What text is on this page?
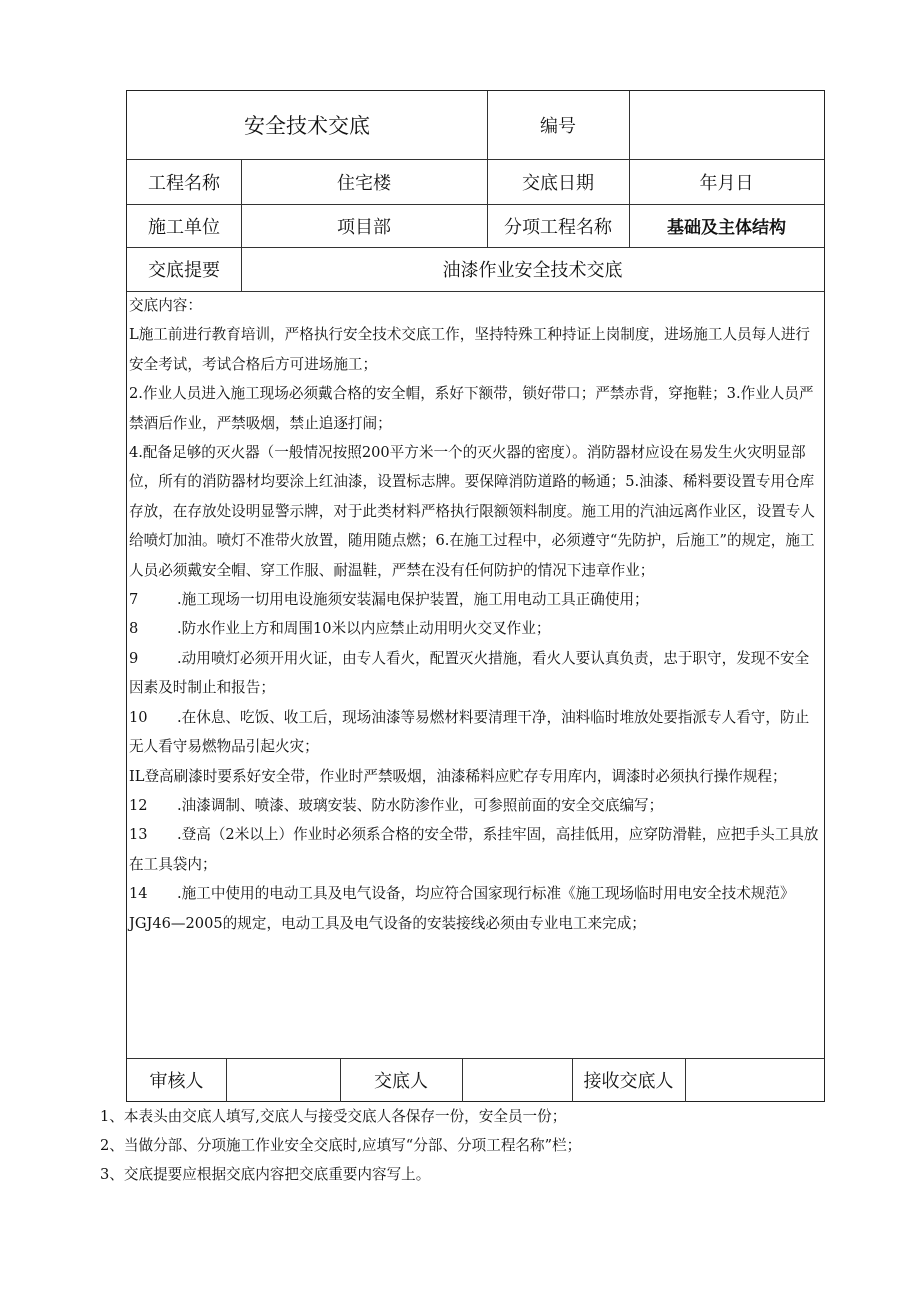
安全技术交底	编号
工程名称	住宅楼	交底日期	年月日
施工单位	项目部	分项工程名称	基础及主体结构
交底提要	油漆作业安全技术交底

交底内容：

L施工前进行教育培训，严格执行安全技术交底工作，坚持特殊工种持证上岗制度，进场施工人员每人进行安全考试，考试合格后方可进场施工；

2.作业人员进入施工现场必须戴合格的安全帽，系好下额带，锁好带口；严禁赤背，穿拖鞋；3.作业人员严禁酒后作业，严禁吸烟，禁止追逐打闹；

4.配备足够的灭火器（一般情况按照200平方米一个的灭火器的密度）。消防器材应设在易发生火灾明显部位，所有的消防器材均要涂上红油漆，设置标志牌。要保障消防道路的畅通；5.油漆、稀料要设置专用仓库存放，在存放处设明显警示牌，对于此类材料严格执行限额领料制度。施工用的汽油远离作业区，设置专人给喷灯加油。喷灯不准带火放置，随用随点燃；6.在施工过程中，必须遵守“先防护，后施工”的规定，施工人员必须戴安全帽、穿工作服、耐温鞋，严禁在没有任何防护的情况下违章作业；

7	.施工现场一切用电设施须安装漏电保护装置，施工用电动工具正确使用；

8	.防水作业上方和周围10米以内应禁止动用明火交叉作业；

9	.动用喷灯必须开用火证，由专人看火，配置灭火措施，看火人要认真负责，忠于职守，发现不安全因素及时制止和报告；

10 .在休息、吃饭、收工后，现场油漆等易燃材料要清理干净，油料临时堆放处要指派专人看守，防止无人看守易燃物品引起火灾；

IL登高刷漆时要系好安全带，作业时严禁吸烟，油漆稀料应贮存专用库内，调漆时必须执行操作规程；

12 .油漆调制、喷漆、玻璃安装、防水防渗作业，可参照前面的安全交底编写；

13 .登高（2米以上）作业时必须系合格的安全带，系挂牢固，高挂低用，应穿防滑鞋，应把手头工具放在工具袋内；

14 .施工中使用的电动工具及电气设备，均应符合国家现行标准《施工现场临时用电安全技术规范》JGJ46—2005的规定，电动工具及电气设备的安装接线必须由专业电工来完成；

审核人	交底人	接收交底人

1、本表头由交底人填写,交底人与接受交底人各保存一份，安全员一份；

2、当做分部、分项施工作业安全交底时,应填写“分部、分项工程名称”栏；

3、交底提要应根据交底内容把交底重要内容写上。
